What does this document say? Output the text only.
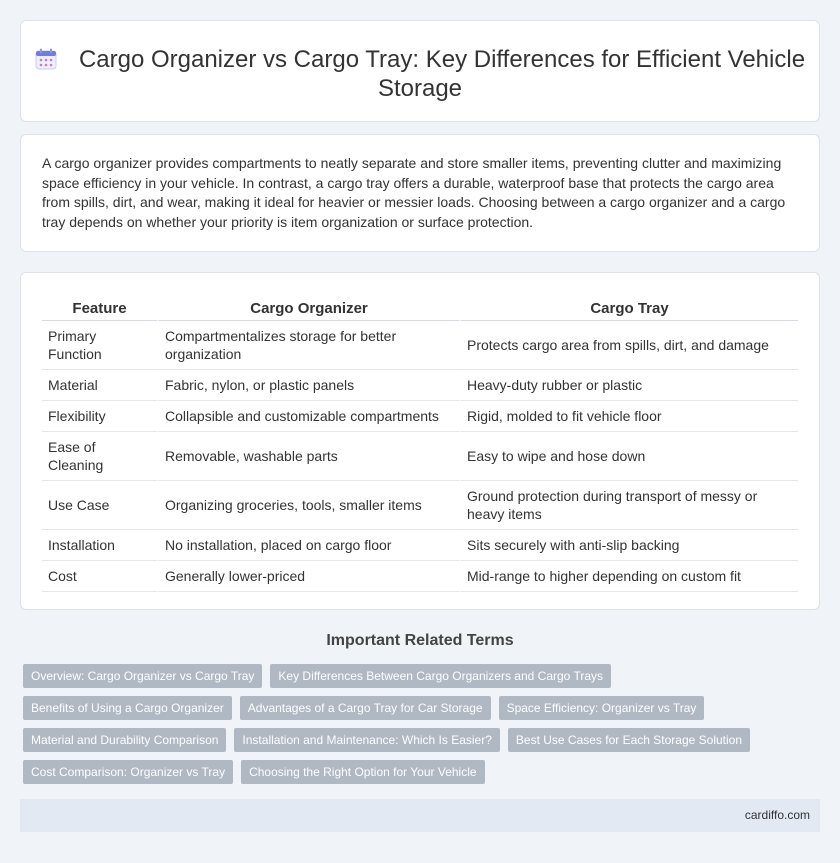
Cargo Organizer vs Cargo Tray: Key Differences for Efficient Vehicle Storage

A cargo organizer provides compartments to neatly separate and store smaller items, preventing clutter and maximizing space efficiency in your vehicle. In contrast, a cargo tray offers a durable, waterproof base that protects the cargo area from spills, dirt, and wear, making it ideal for heavier or messier loads. Choosing between a cargo organizer and a cargo tray depends on whether your priority is item organization or surface protection.

Feature	Cargo Organizer	Cargo Tray
Primary Function	Compartmentalizes storage for better organization	Protects cargo area from spills, dirt, and damage
Material	Fabric, nylon, or plastic panels	Heavy-duty rubber or plastic
Flexibility	Collapsible and customizable compartments	Rigid, molded to fit vehicle floor
Ease of Cleaning	Removable, washable parts	Easy to wipe and hose down
Use Case	Organizing groceries, tools, smaller items	Ground protection during transport of messy or heavy items
Installation	No installation, placed on cargo floor	Sits securely with anti-slip backing
Cost	Generally lower-priced	Mid-range to higher depending on custom fit
Important Related Terms
Overview: Cargo Organizer vs Cargo Tray	Key Differences Between Cargo Organizers and Cargo Trays
Benefits of Using a Cargo Organizer	Advantages of a Cargo Tray for Car Storage	Space Efficiency: Organizer vs Tray
Material and Durability Comparison	Installation and Maintenance: Which Is Easier?	Best Use Cases for Each Storage Solution
Cost Comparison: Organizer vs Tray	Choosing the Right Option for Your Vehicle
cardiffo.com
